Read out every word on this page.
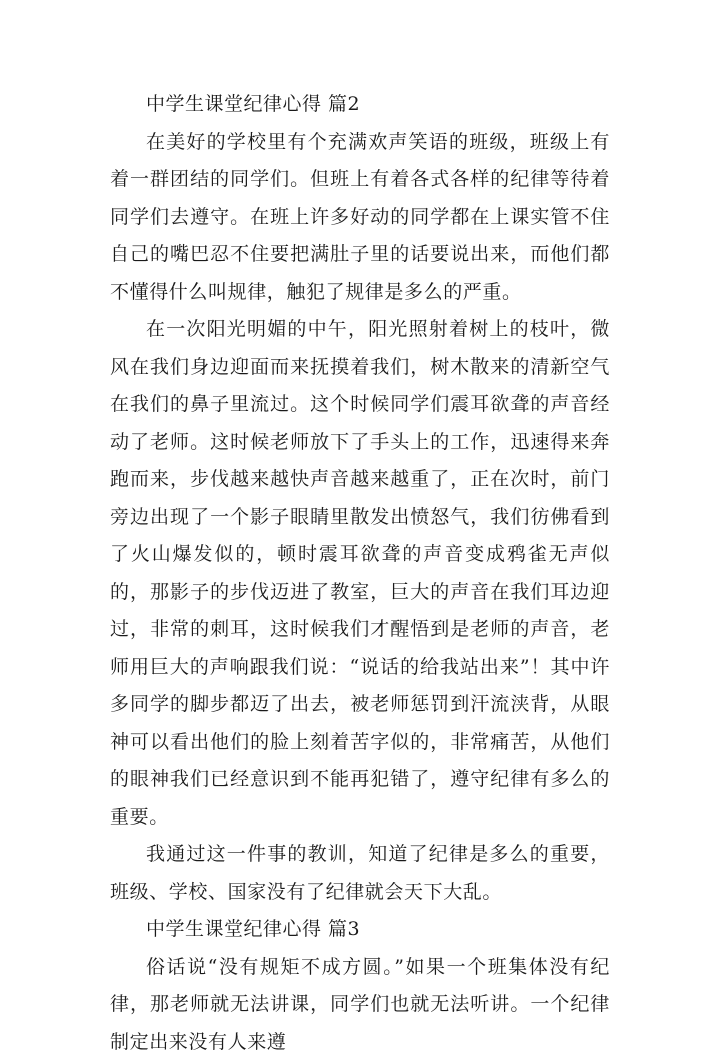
中学生课堂纪律心得 篇2

在美好的学校里有个充满欢声笑语的班级，班级上有着一群团结的同学们。但班上有着各式各样的纪律等待着同学们去遵守。在班上许多好动的同学都在上课实管不住自己的嘴巴忍不住要把满肚子里的话要说出来，而他们都不懂得什么叫规律，触犯了规律是多么的严重。

在一次阳光明媚的中午，阳光照射着树上的枝叶，微风在我们身边迎面而来抚摸着我们，树木散来的清新空气在我们的鼻子里流过。这个时候同学们震耳欲聋的声音经动了老师。这时候老师放下了手头上的工作，迅速得来奔跑而来，步伐越来越快声音越来越重了，正在次时，前门旁边出现了一个影子眼睛里散发出愤怒气，我们彷佛看到了火山爆发似的，顿时震耳欲聋的声音变成鸦雀无声似的，那影子的步伐迈进了教室，巨大的声音在我们耳边迎过，非常的刺耳，这时候我们才醒悟到是老师的声音，老师用巨大的声响跟我们说：“说话的给我站出来”！其中许多同学的脚步都迈了出去，被老师惩罚到汗流浃背，从眼神可以看出他们的脸上刻着苦字似的，非常痛苦，从他们的眼神我们已经意识到不能再犯错了，遵守纪律有多么的重要。

我通过这一件事的教训，知道了纪律是多么的重要，班级、学校、国家没有了纪律就会天下大乱。

中学生课堂纪律心得 篇3

俗话说“没有规矩不成方圆。”如果一个班集体没有纪律，那老师就无法讲课，同学们也就无法听讲。一个纪律制定出来没有人来遵
